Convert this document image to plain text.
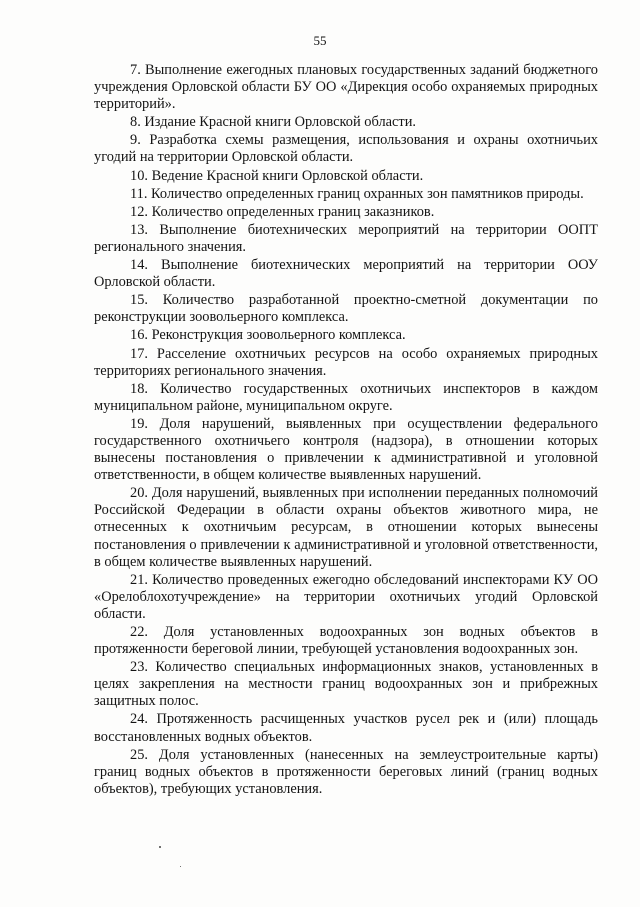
55

7. Выполнение ежегодных плановых государственных заданий бюджетного учреждения Орловской области БУ ОО «Дирекция особо охраняемых природных территорий».

8. Издание Красной книги Орловской области.

9. Разработка схемы размещения, использования и охраны охотничьих угодий на территории Орловской области.

10. Ведение Красной книги Орловской области.

11. Количество определенных границ охранных зон памятников природы.

12. Количество определенных границ заказников.

13. Выполнение биотехнических мероприятий на территории ООПТ регионального значения.

14. Выполнение биотехнических мероприятий на территории ООУ Орловской области.

15. Количество разработанной проектно-сметной документации по реконструкции зоовольерного комплекса.

16. Реконструкция зоовольерного комплекса.

17. Расселение охотничьих ресурсов на особо охраняемых природных территориях регионального значения.

18. Количество государственных охотничьих инспекторов в каждом муниципальном районе, муниципальном округе.

19. Доля нарушений, выявленных при осуществлении федерального государственного охотничьего контроля (надзора), в отношении которых вынесены постановления о привлечении к административной и уголовной ответственности, в общем количестве выявленных нарушений.

20. Доля нарушений, выявленных при исполнении переданных полномочий Российской Федерации в области охраны объектов животного мира, не отнесенных к охотничьим ресурсам, в отношении которых вынесены постановления о привлечении к административной и уголовной ответственности, в общем количестве выявленных нарушений.

21. Количество проведенных ежегодно обследований инспекторами КУ ОО «Орелоблохотучреждение» на территории охотничьих угодий Орловской области.

22. Доля установленных водоохранных зон водных объектов в протяженности береговой линии, требующей установления водоохранных зон.

23. Количество специальных информационных знаков, установленных в целях закрепления на местности границ водоохранных зон и прибрежных защитных полос.

24. Протяженность расчищенных участков русел рек и (или) площадь восстановленных водных объектов.

25. Доля установленных (нанесенных на землеустроительные карты) границ водных объектов в протяженности береговых линий (границ водных объектов), требующих установления.
